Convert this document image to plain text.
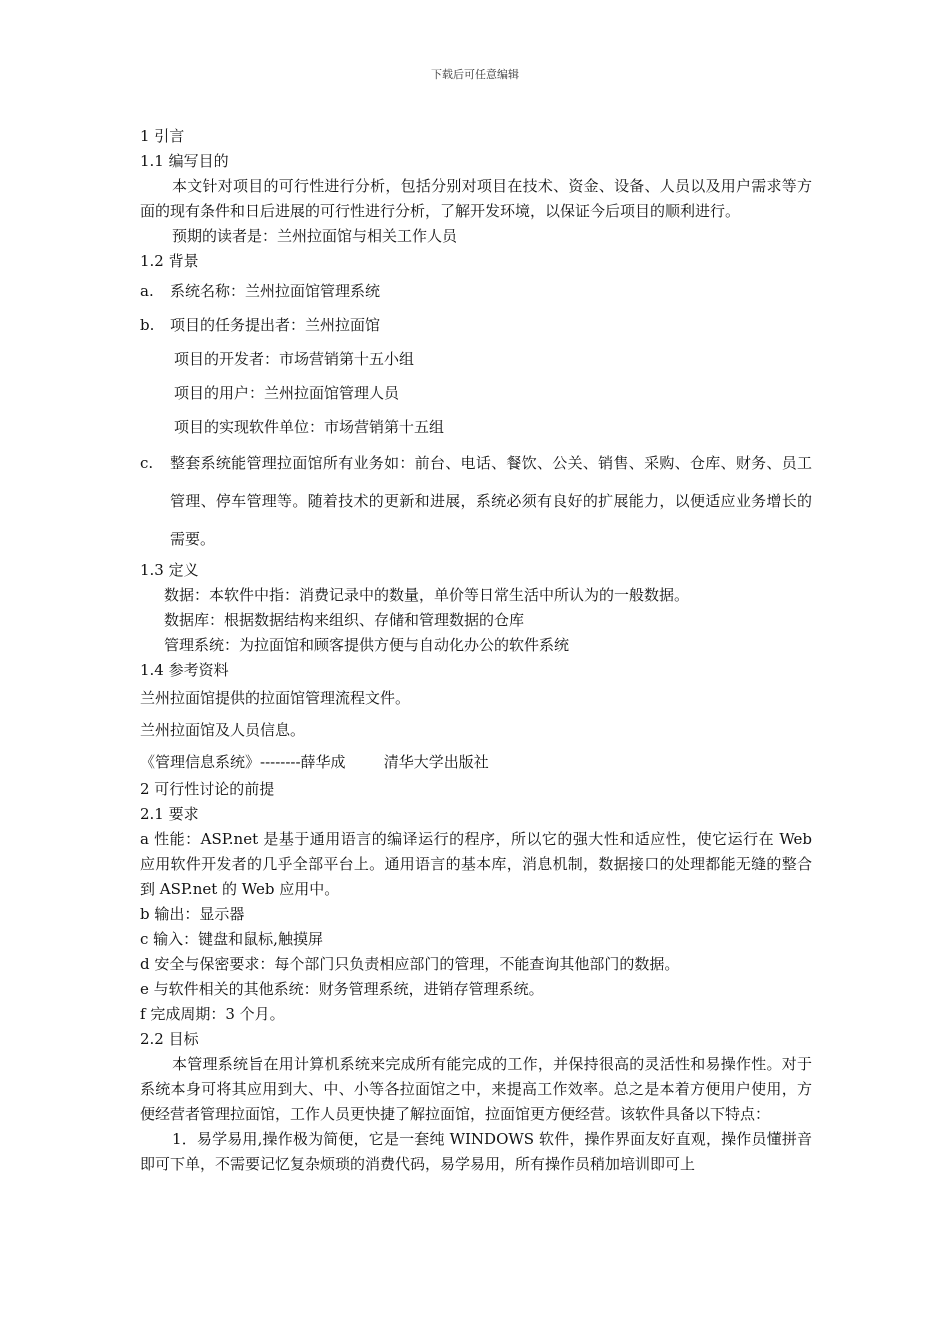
下载后可任意编辑
1 引言
1.1 编写目的

本文针对项目的可行性进行分析，包括分别对项目在技术、资金、设备、人员以及用户需求等方面的现有条件和日后进展的可行性进行分析，了解开发环境，以保证今后项目的顺利进行。

预期的读者是：兰州拉面馆与相关工作人员
1.2 背景
a.	系统名称：兰州拉面馆管理系统
b.	项目的任务提出者：兰州拉面馆
项目的开发者：市场营销第十五小组
项目的用户：兰州拉面馆管理人员
项目的实现软件单位：市场营销第十五组
c.	整套系统能管理拉面馆所有业务如：前台、电话、餐饮、公关、销售、采购、仓库、财务、员工管理、停车管理等。随着技术的更新和进展，系统必须有良好的扩展能力，以便适应业务增长的需要。
1.3 定义
数据：本软件中指：消费记录中的数量，单价等日常生活中所认为的一般数据。
数据库：根据数据结构来组织、存储和管理数据的仓库
管理系统：为拉面馆和顾客提供方便与自动化办公的软件系统
1.4 参考资料
兰州拉面馆提供的拉面馆管理流程文件。
兰州拉面馆及人员信息。
《管理信息系统》--------薛华成        清华大学出版社
2 可行性讨论的前提
2.1 要求

a 性能：ASP.net 是基于通用语言的编译运行的程序，所以它的强大性和适应性，使它运行在 Web 应用软件开发者的几乎全部平台上。通用语言的基本库，消息机制，数据接口的处理都能无缝的整合到 ASP.net 的 Web 应用中。

b 输出：显示器
c 输入：键盘和鼠标,触摸屏
d 安全与保密要求：每个部门只负责相应部门的管理，不能查询其他部门的数据。
e 与软件相关的其他系统：财务管理系统，进销存管理系统。
f 完成周期：3 个月。
2.2 目标

本管理系统旨在用计算机系统来完成所有能完成的工作，并保持很高的灵活性和易操作性。对于系统本身可将其应用到大、中、小等各拉面馆之中，来提高工作效率。总之是本着方便用户使用，方便经营者管理拉面馆，工作人员更快捷了解拉面馆，拉面馆更方便经营。该软件具备以下特点：

1．易学易用,操作极为简便，它是一套纯 WINDOWS 软件，操作界面友好直观，操作员懂拼音即可下单，不需要记忆复杂烦琐的消费代码，易学易用，所有操作员稍加培训即可上
